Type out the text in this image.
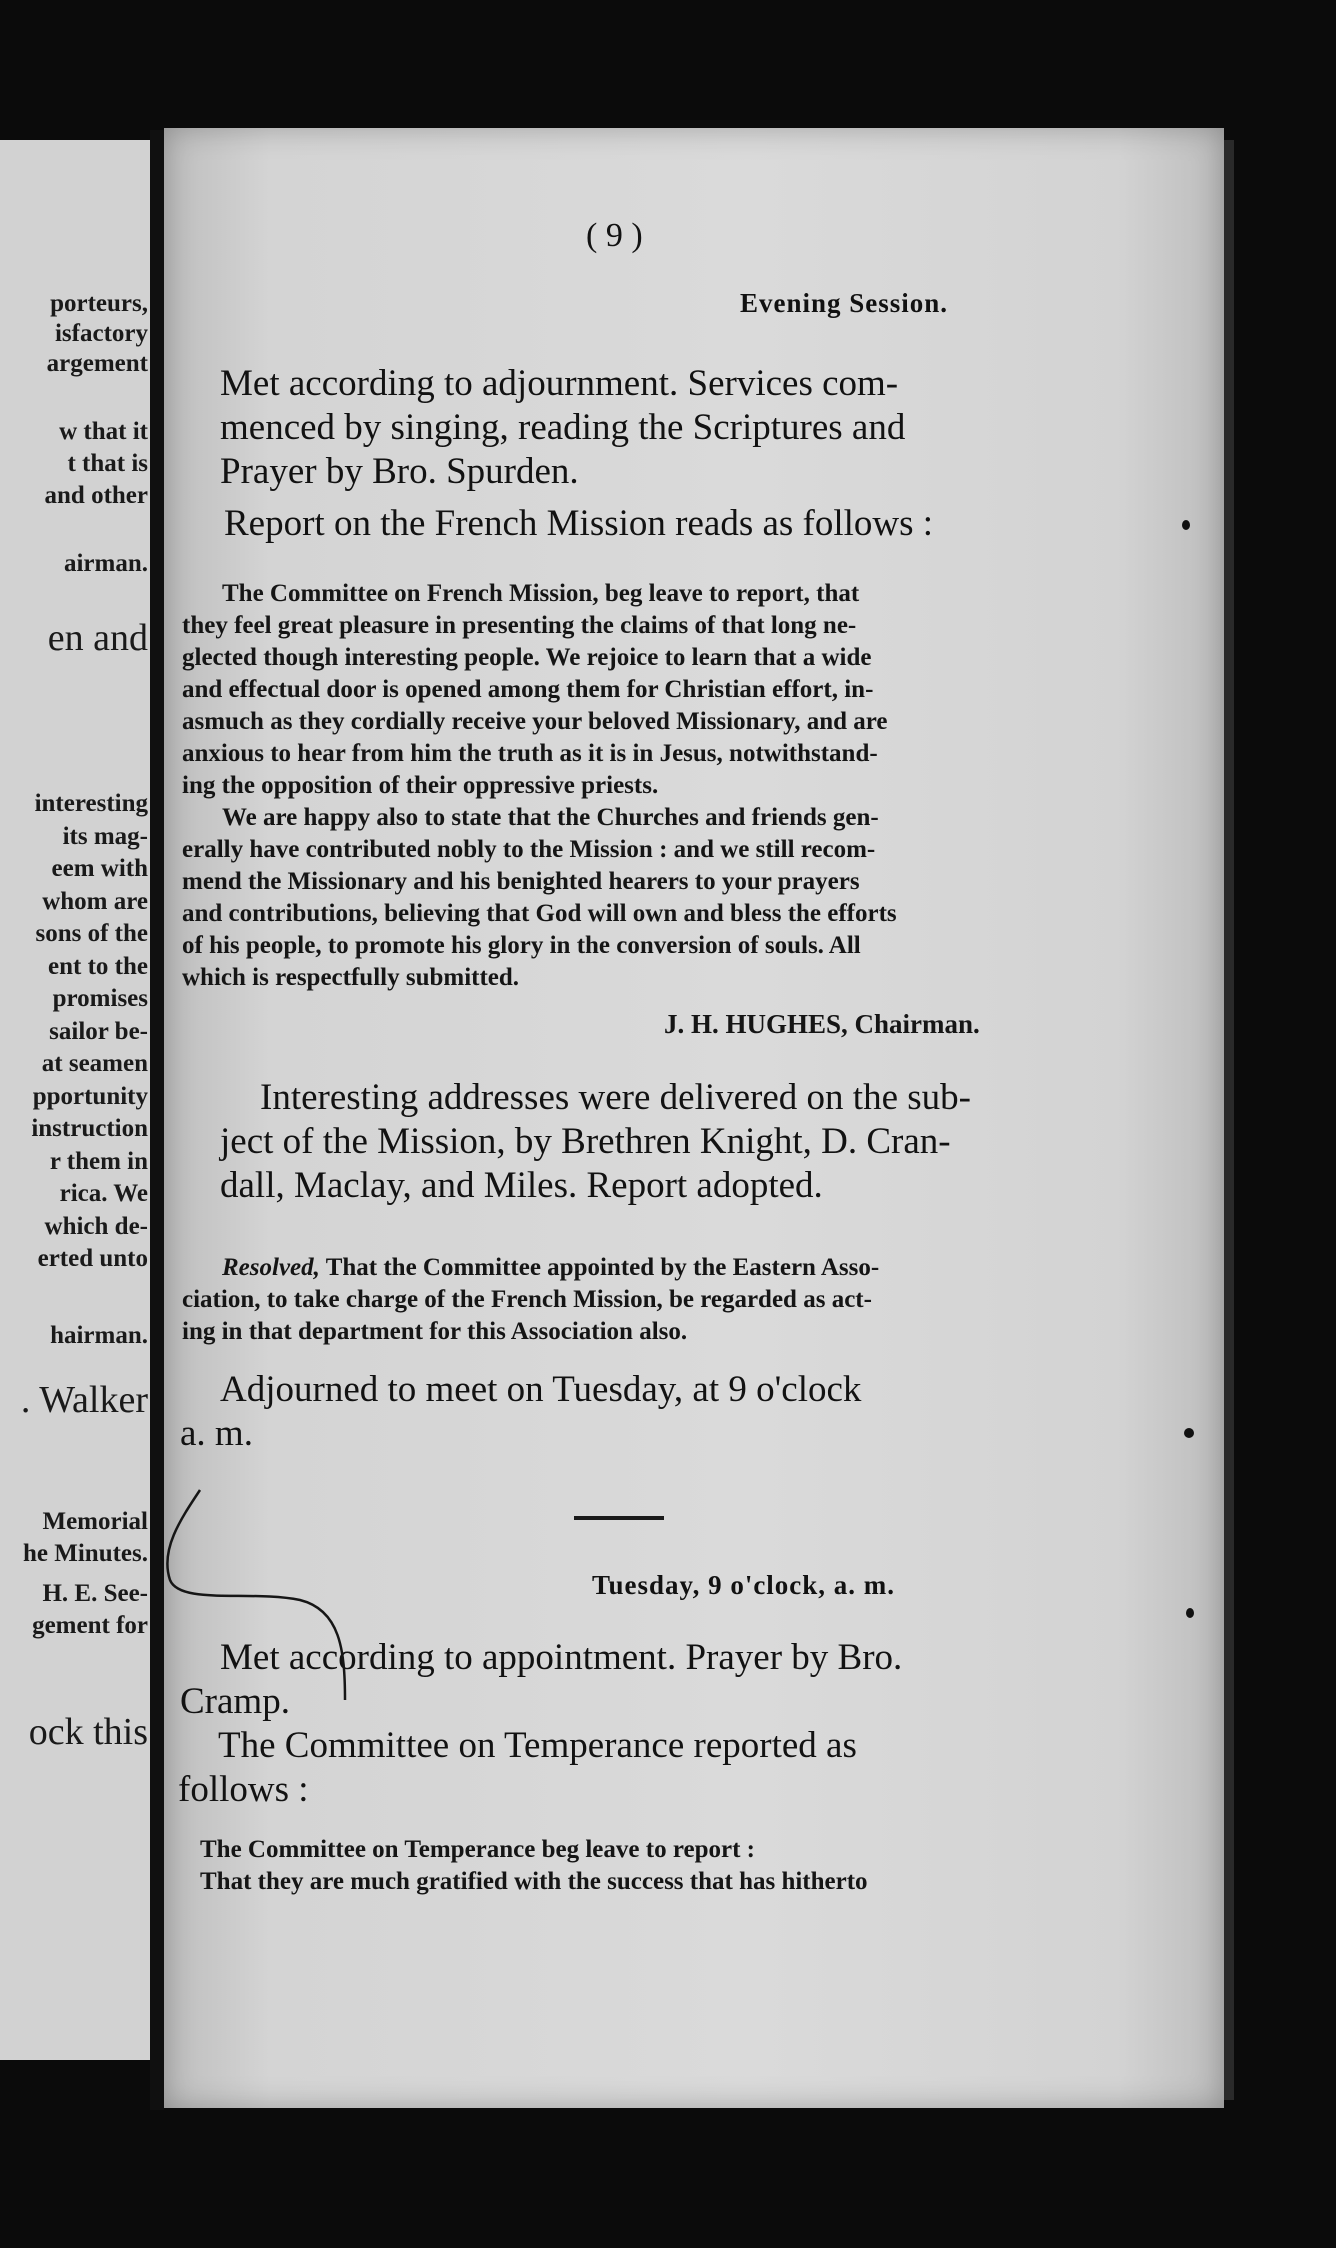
porteurs,
isfactory
argement
w that it
t that is
and other
airman.
en and
interesting
its mag-
eem with
whom are
sons of the
ent to the
promises
sailor be-
at seamen
pportunity
instruction
r them in
rica. We
which de-
erted unto
hairman.
. Walker
Memorial
he Minutes.
H. E. See-
gement for
ock this
( 9 )
Evening Session.
Met according to adjournment. Services com-
menced by singing, reading the Scriptures and
Prayer by Bro. Spurden.
Report on the French Mission reads as follows :
The Committee on French Mission, beg leave to report, that
they feel great pleasure in presenting the claims of that long ne-
glected though interesting people. We rejoice to learn that a wide
and effectual door is opened among them for Christian effort, in-
asmuch as they cordially receive your beloved Missionary, and are
anxious to hear from him the truth as it is in Jesus, notwithstand-
ing the opposition of their oppressive priests.
We are happy also to state that the Churches and friends gen-
erally have contributed nobly to the Mission : and we still recom-
mend the Missionary and his benighted hearers to your prayers
and contributions, believing that God will own and bless the efforts
of his people, to promote his glory in the conversion of souls. All
which is respectfully submitted.
J. H. HUGHES, Chairman.
Interesting addresses were delivered on the sub-
ject of the Mission, by Brethren Knight, D. Cran-
dall, Maclay, and Miles. Report adopted.
Resolved, That the Committee appointed by the Eastern Asso-
ciation, to take charge of the French Mission, be regarded as act-
ing in that department for this Association also.
Adjourned to meet on Tuesday, at 9 o'clock
a. m.
Tuesday, 9 o'clock, a. m.
Met according to appointment. Prayer by Bro.
Cramp.
The Committee on Temperance reported as
follows :
The Committee on Temperance beg leave to report :
That they are much gratified with the success that has hitherto
